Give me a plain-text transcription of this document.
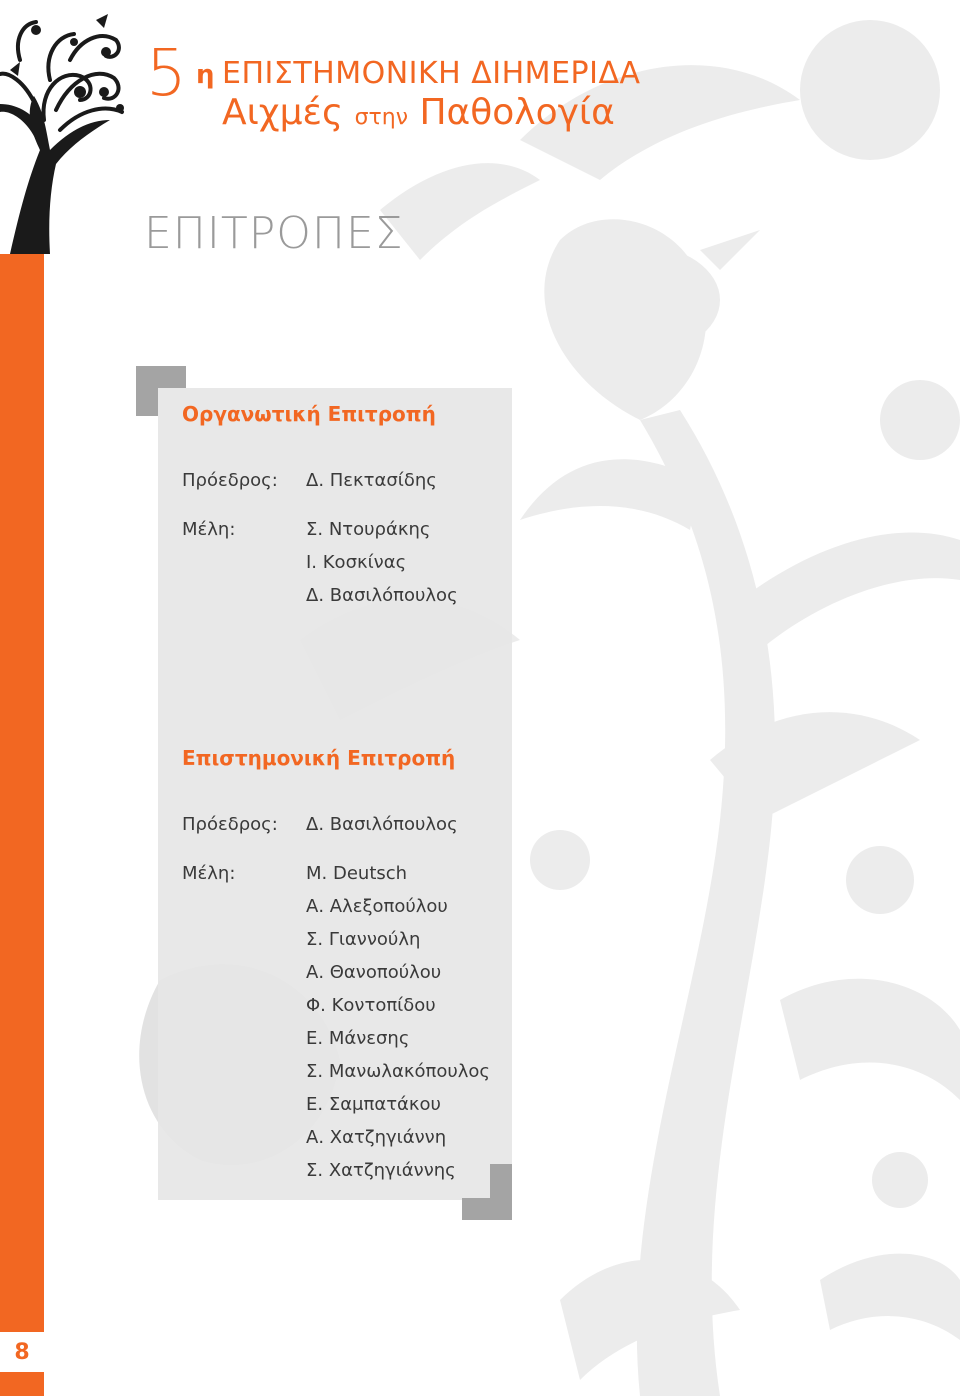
5 η ΕΠΙΣΤΗΜΟΝΙΚΗ ΔΙΗΜΕΡΙΔΑ
Αιχμές στην Παθολογία
ΕΠΙΤΡΟΠΕΣ
8
Οργανωτική Επιτροπή
Πρόεδρος: Δ. Πεκτασίδης
Μέλη:	Σ. Ντουράκης
Ι. Κοσκίνας
Δ. Βασιλόπουλος
Επιστημονική Επιτροπή
Πρόεδρος: Δ. Βασιλόπουλος
Μέλη:	M. Deutsch
Α. Αλεξοπούλου
Σ. Γιαννούλη
Α. Θανοπούλου
Φ. Κοντοπίδου
Ε. Μάνεσης
Σ. Μανωλακόπουλος
Ε. Σαμπατάκου
Α. Χατζηγιάννη
Σ. Χατζηγιάννης
